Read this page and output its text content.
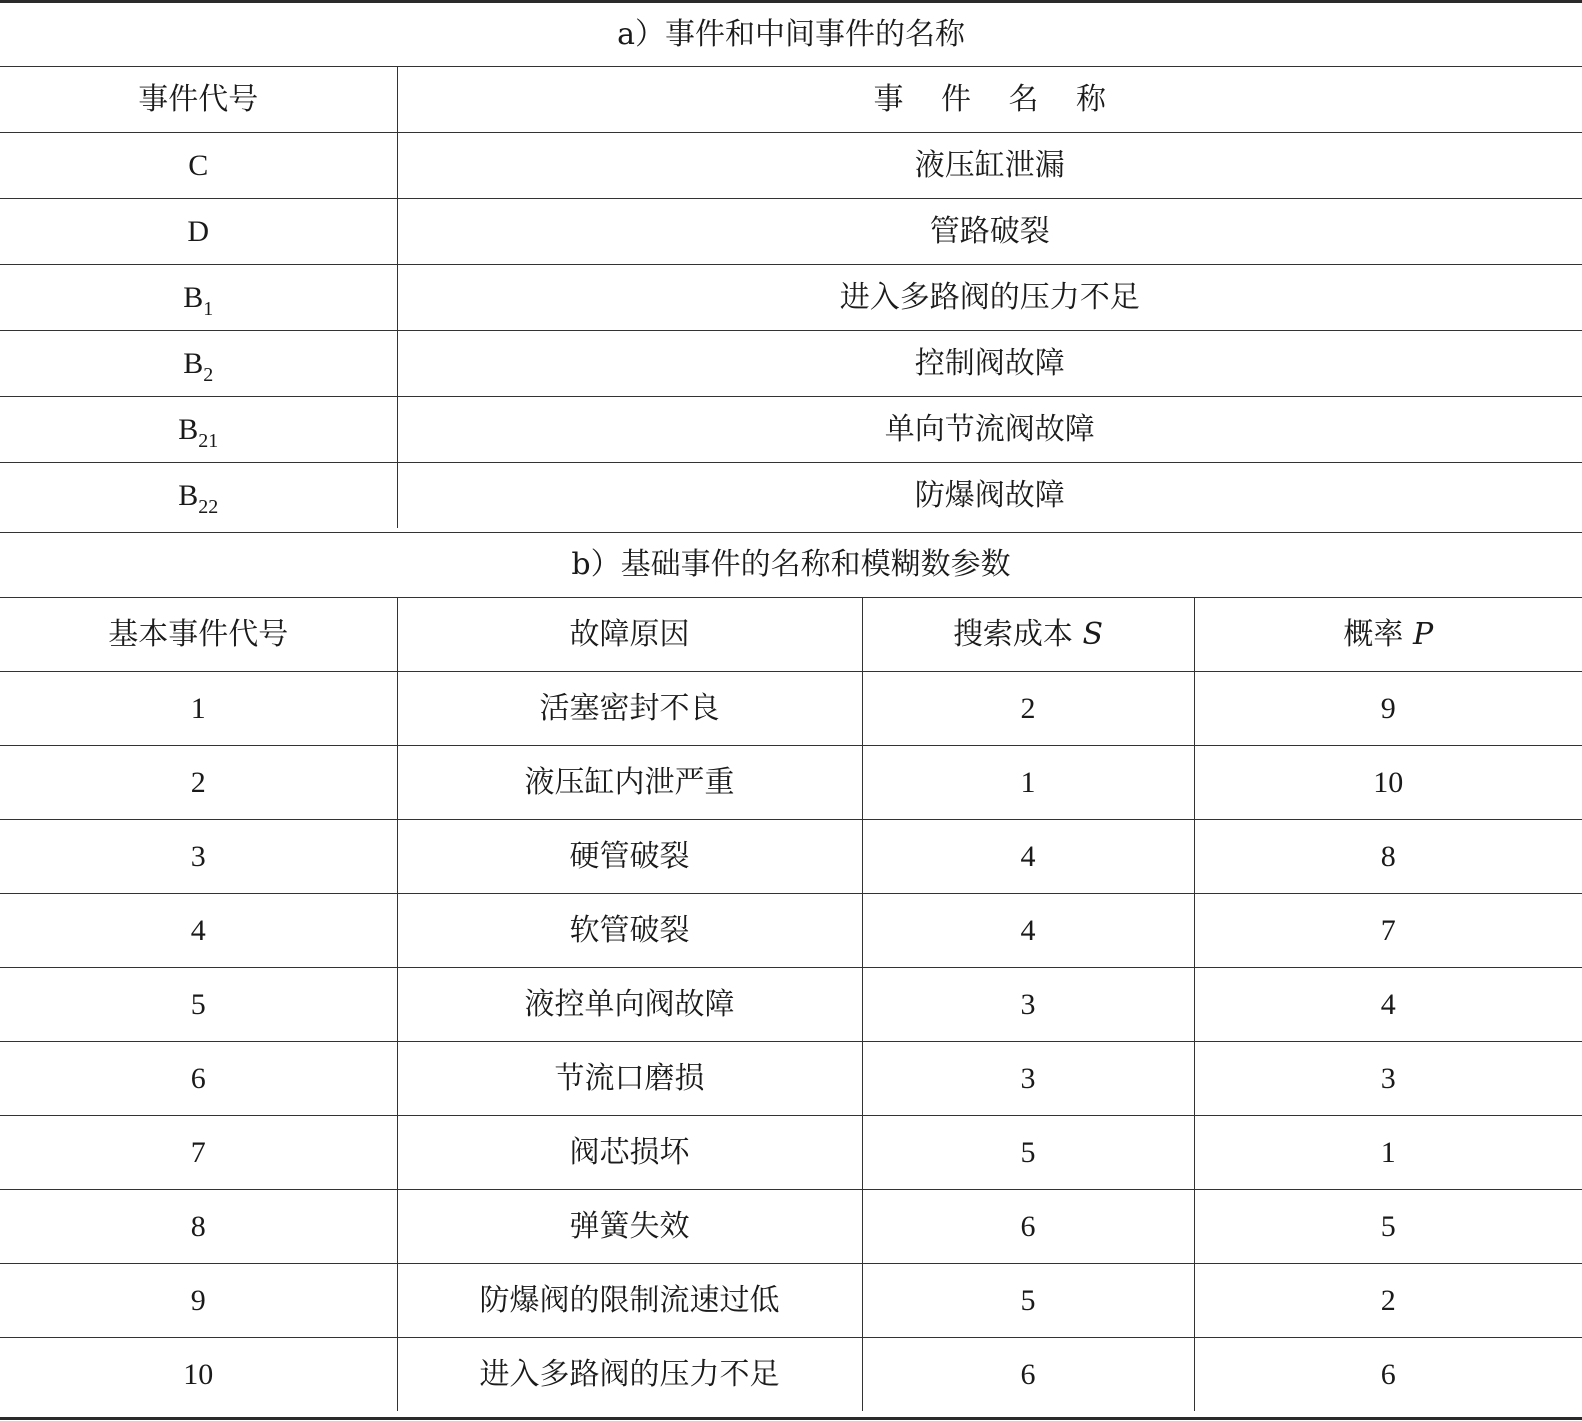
a）事件和中间事件的名称	
事件代号	事 件 名 称
C	液压缸泄漏
D	管路破裂
$B_1$	进入多路阀的压力不足
$B_2$	控制阀故障
$B_{21}$	单向节流阀故障
$B_{22}$	防爆阀故障
b）基础事件的名称和模糊数参数			
基本事件代号	故障原因	搜索成本 S	概率 P
1	活塞密封不良	2	9
2	液压缸内泄严重	1	10
3	硬管破裂	4	8
4	软管破裂	4	7
5	液控单向阀故障	3	4
6	节流口磨损	3	3
7	阀芯损坏	5	1
8	弹簧失效	6	5
9	防爆阀的限制流速过低	5	2
10	进入多路阀的压力不足	6	6
